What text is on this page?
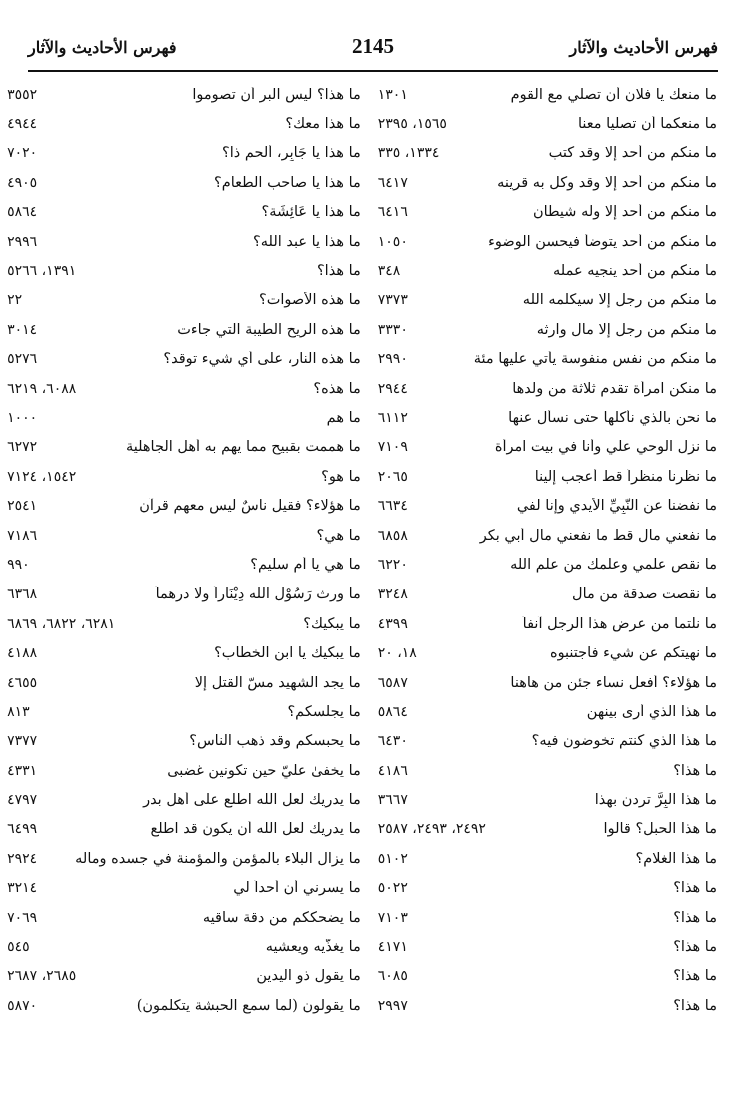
فهرس الأحاديث والآثار
2145
فهرس الأحاديث والآثار
ما منعك يا فلان أن تصلي مع القوم
١٣٠١
ما منعكما أن تصليا معنا
١٥٦٥، ٢٣٩٥
ما منكم من أحد إلا وقد كتب
١٣٣٤، ٣٣٥
ما منكم من أحد إلا وقد وكل به قرينه
٦٤١٧
ما منكم من أحد إلا وله شيطان
٦٤١٦
ما منكم من أحد يتوضأ فيحسن الوضوء
١٠٥٠
ما منكم من أحد ينجيه عمله
٣٤٨
ما منكم من رجل إلا سيكلمه الله
٧٣٧٣
ما منكم من رجل إلا مال وارثه
٣٣٣٠
ما منكم من نفس منفوسة يأتي عليها مئة
٢٩٩٠
ما منكن امرأة تقدم ثلاثة من ولدها
٢٩٤٤
ما نحن بالذي نأكلها حتى نسأل عنها
٦١١٢
ما نزل الوحي علي وأنا في بيت امرأة
٧١٠٩
ما نظرنا منظراً قط أعجب إلينا
٢٠٦٥
ما نفضنا عن النَّبِيِّ الأيدي وإنا لفي
٦٦٣٤
ما نفعني مال قط ما نفعني مال أبي بكر
٦٨٥٨
ما نقص علمي وعلمك من علم الله
٦٢٢٠
ما نقصت صدقة من مال
٣٢٤٨
ما نلتما من عرض هذا الرجل آنفاً
٤٣٩٩
ما نهيتكم عن شيء فاجتنبوه
١٨، ٢٠
ما هؤلاء؟ أفعل نساء جئن من هاهنا
٦٥٨٧
ما هذا الذي أرى بينهن
٥٨٦٤
ما هذا الذي كنتم تخوضون فيه؟
٦٤٣٠
ما هذا؟
٤١٨٦
ما هذا البِرَّ تردن بهذا
٣٦٦٧
ما هذا الحبل؟ قالوا
٢٤٩٢، ٢٤٩٣، ٢٥٨٧
ما هذا الغلام؟
٥١٠٢
ما هذا؟
٥٠٢٢
ما هذا؟
٧١٠٣
ما هذا؟
٤١٧١
ما هذا؟
٦٠٨٥
ما هذا؟
٢٩٩٧
ما هذا؟ ليس البر أن تصوموا
٣٥٥٢
ما هذا معك؟
٤٩٤٤
ما هذا يا جَابِر، ألحم ذا؟
٧٠٢٠
ما هذا يا صاحب الطعام؟
٤٩٠٥
ما هذا يا عَائِشَة؟
٥٨٦٤
ما هذا يا عبد الله؟
٢٩٩٦
ما هذا؟
١٣٩١، ٥٢٦٦
ما هذه الأصوات؟
٢٢
ما هذه الريح الطيبة التي جاءت
٣٠١٤
ما هذه النار، على أي شيء توقد؟
٥٢٧٦
ما هذه؟
٦٠٨٨، ٦٢١٩
ما هم
١٠٠٠
ما هممت بقبيح مما يهم به أهل الجاهلية
٦٢٧٢
ما هو؟
١٥٤٢، ٧١٢٤
ما هؤلاء؟ فقيل ناسٌ ليس معهم قرآن
٢٥٤١
ما هي؟
٧١٨٦
ما هي يا أم سليم؟
٩٩٠
ما ورث رَسُوْل الله دِيْنَاراً ولا درهماً
٦٣٦٨
ما يبكيك؟
٦٢٨١، ٦٨٢٢، ٦٨٦٩
ما يبكيك يا ابن الخطاب؟
٤١٨٨
ما يجد الشهيد مسّ القتل إلا
٤٦٥٥
ما يجلسكم؟
٨١٣
ما يحبسكم وقد ذهب الناس؟
٧٣٧٧
ما يخفىٰ عليّ حين تكونين غضبى
٤٣٣١
ما يدريك لعل الله اطلع على أهل بدر
٤٧٩٧
ما يدريك لعل الله أن يكون قد اطلع
٦٤٩٩
ما يزال البلاء بالمؤمن والمؤمنة في جسده وماله
٢٩٢٤
ما يسرني أن أُحداً لي
٣٢١٤
ما يضحككم من دقة ساقيه
٧٠٦٩
ما يغذّيه ويعشيه
٥٤٥
ما يقول ذو اليدين
٢٦٨٥، ٢٦٨٧
ما يقولون (لما سمع الحبشة يتكلمون)
٥٨٧٠
